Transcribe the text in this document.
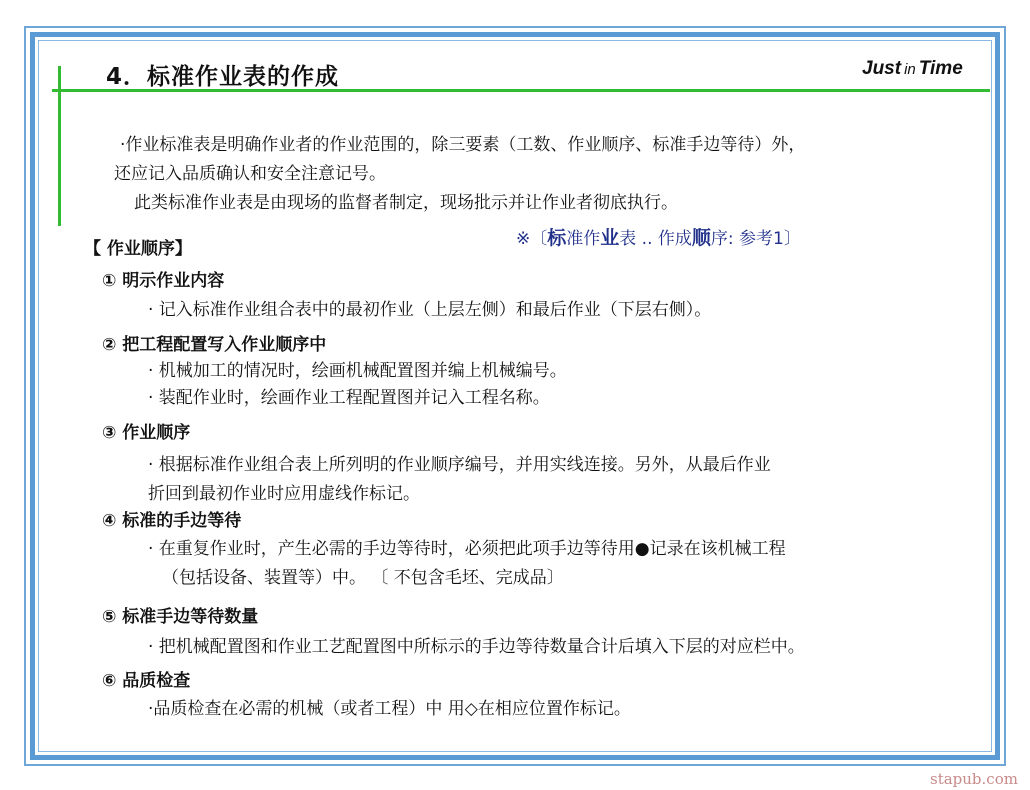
4．标准作业表的作成	Just in Time
·作业标准表是明确作业者的作业范围的，除三要素（工数、作业顺序、标准手边等待）外，
还应记入品质确认和安全注意记号。
此类标准作业表是由现场的监督者制定，现场批示并让作业者彻底执行。
※〔标准作业表 .. 作成顺序: 参考1〕
【 作业顺序】
① 明示作业内容
· 记入标准作业组合表中的最初作业（上层左侧）和最后作业（下层右侧）。
② 把工程配置写入作业顺序中
· 机械加工的情况时，绘画机械配置图并编上机械编号。
· 装配作业时，绘画作业工程配置图并记入工程名称。
③ 作业顺序
· 根据标准作业组合表上所列明的作业顺序编号，并用实线连接。另外，从最后作业
折回到最初作业时应用虚线作标记。
④ 标准的手边等待
· 在重复作业时，产生必需的手边等待时，必须把此项手边等待用●记录在该机械工程
（包括设备、装置等）中。 〔 不包含毛坯、完成品〕
⑤ 标准手边等待数量
· 把机械配置图和作业工艺配置图中所标示的手边等待数量合计后填入下层的对应栏中。
⑥ 品质检查
·品质检查在必需的机械（或者工程）中 用◇在相应位置作标记。
stapub.com
